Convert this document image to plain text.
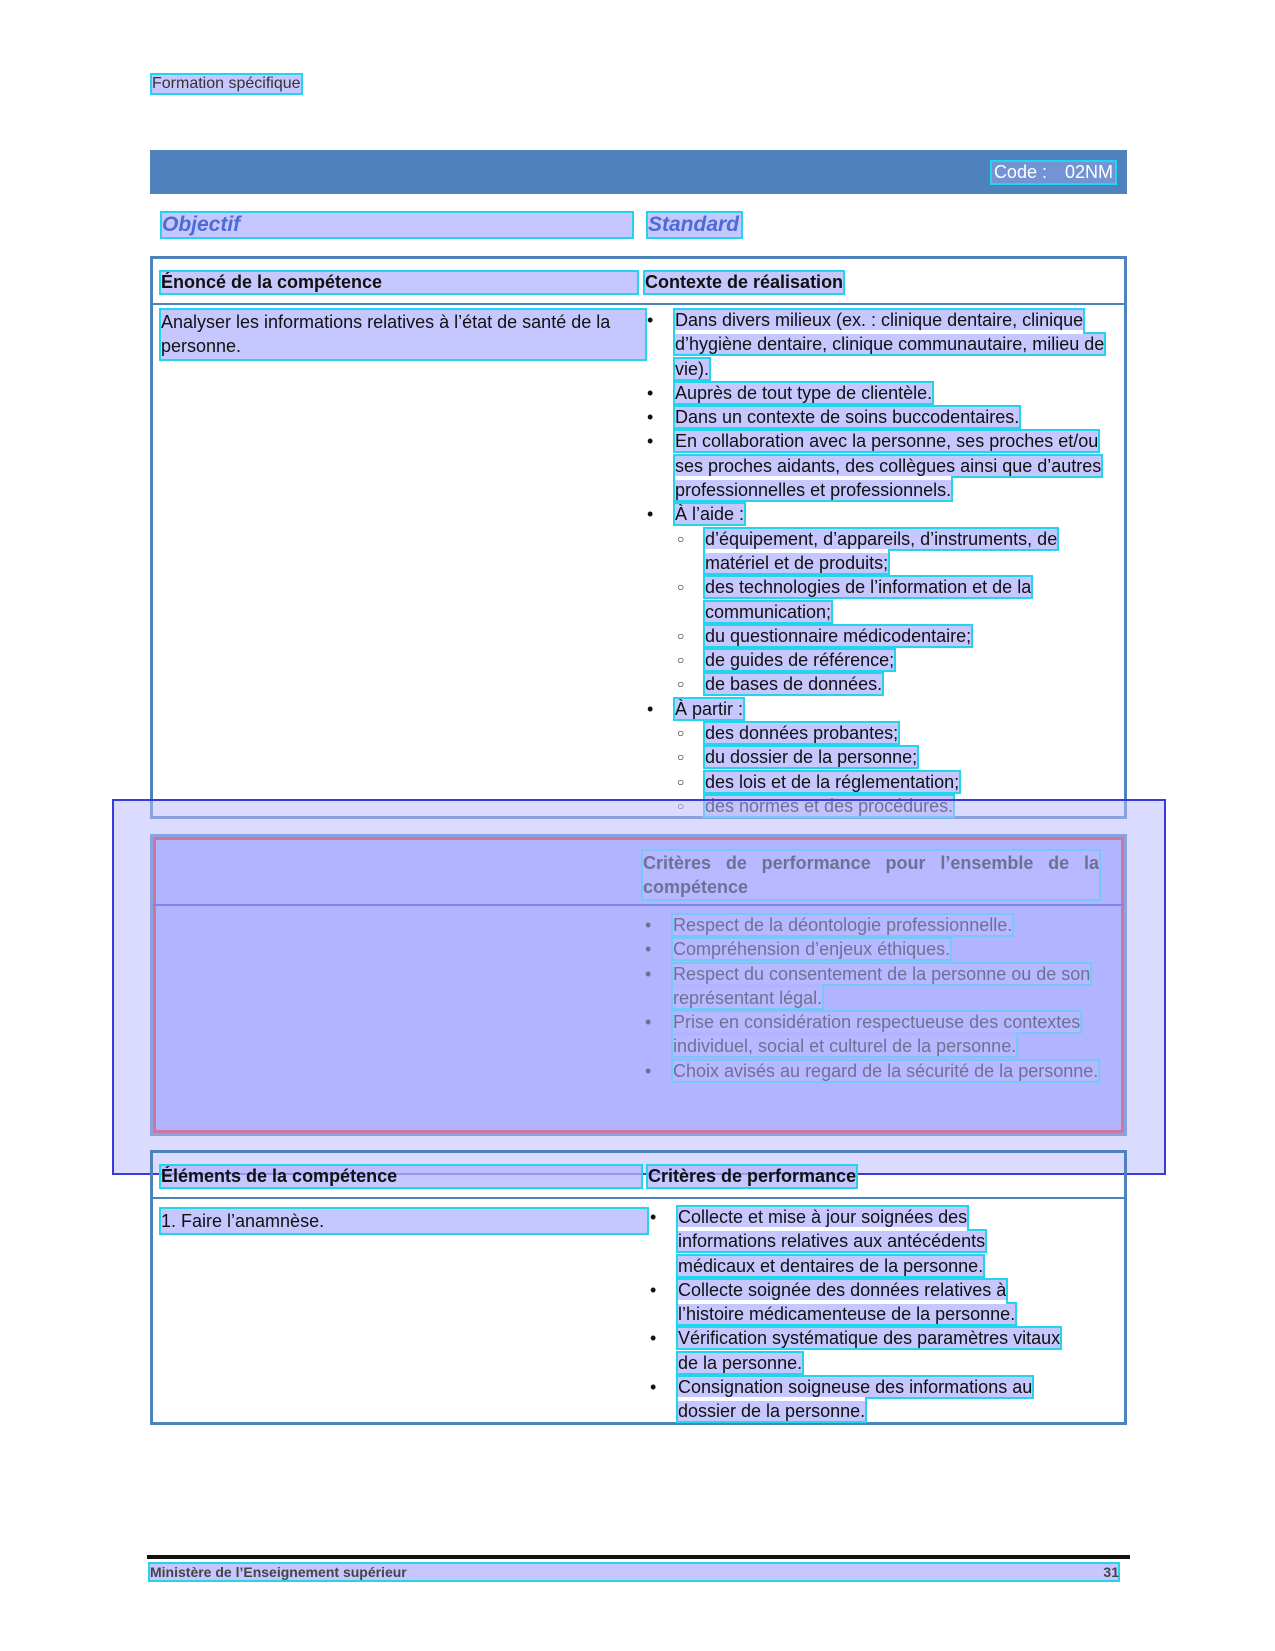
Formation spécifique
Code : 02NM
Objectif	Standard
Énoncé de la compétence	Contexte de réalisation
Analyser les informations relatives à l’état de santé de la personne.
• Dans divers milieux (ex. : clinique dentaire, clinique d’hygiène dentaire, clinique communautaire, milieu de vie).
• Auprès de tout type de clientèle.
• Dans un contexte de soins buccodentaires.
• En collaboration avec la personne, ses proches et/ou ses proches aidants, des collègues ainsi que d’autres professionnelles et professionnels.
• À l’aide :
○ d’équipement, d’appareils, d’instruments, de matériel et de produits;
○ des technologies de l’information et de la communication;
○ du questionnaire médicodentaire;
○ de guides de référence;
○ de bases de données.
• À partir :
○ des données probantes;
○ du dossier de la personne;
○ des lois et de la réglementation;
○
•
•
•
•
•
Éléments de la compétence	Critères de performance
1. Faire l’anamnèse.
•	Collecte et mise à jour soignées des informations relatives aux antécédents médicaux et dentaires de la personne.
• Collecte soignée des données relatives à l’histoire médicamenteuse de la personne.
• Vérification systématique des paramètres vitaux de la personne.
• Consignation soigneuse des informations au dossier de la personne.
Ministère de l’Enseignement supérieur	31
